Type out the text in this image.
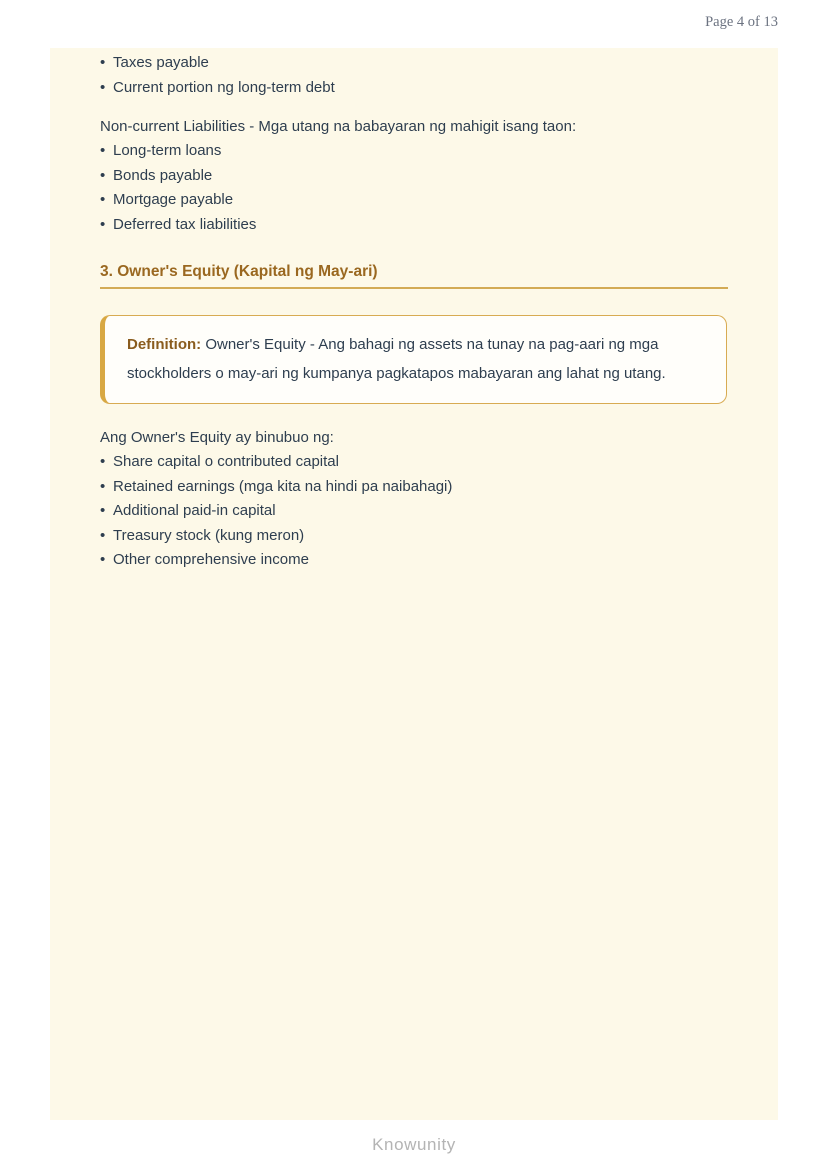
Page 4 of 13
• Taxes payable
• Current portion ng long-term debt

Non-current Liabilities - Mga utang na babayaran ng mahigit isang taon:

• Long-term loans
• Bonds payable
• Mortgage payable
• Deferred tax liabilities
3. Owner's Equity (Kapital ng May-ari)
Definition: Owner's Equity - Ang bahagi ng assets na tunay na pag-aari ng mga stockholders o may-ari ng kumpanya pagkatapos mabayaran ang lahat ng utang.

Ang Owner's Equity ay binubuo ng:

• Share capital o contributed capital
• Retained earnings (mga kita na hindi pa naibahagi)
• Additional paid-in capital
• Treasury stock (kung meron)
• Other comprehensive income
Knowunity
